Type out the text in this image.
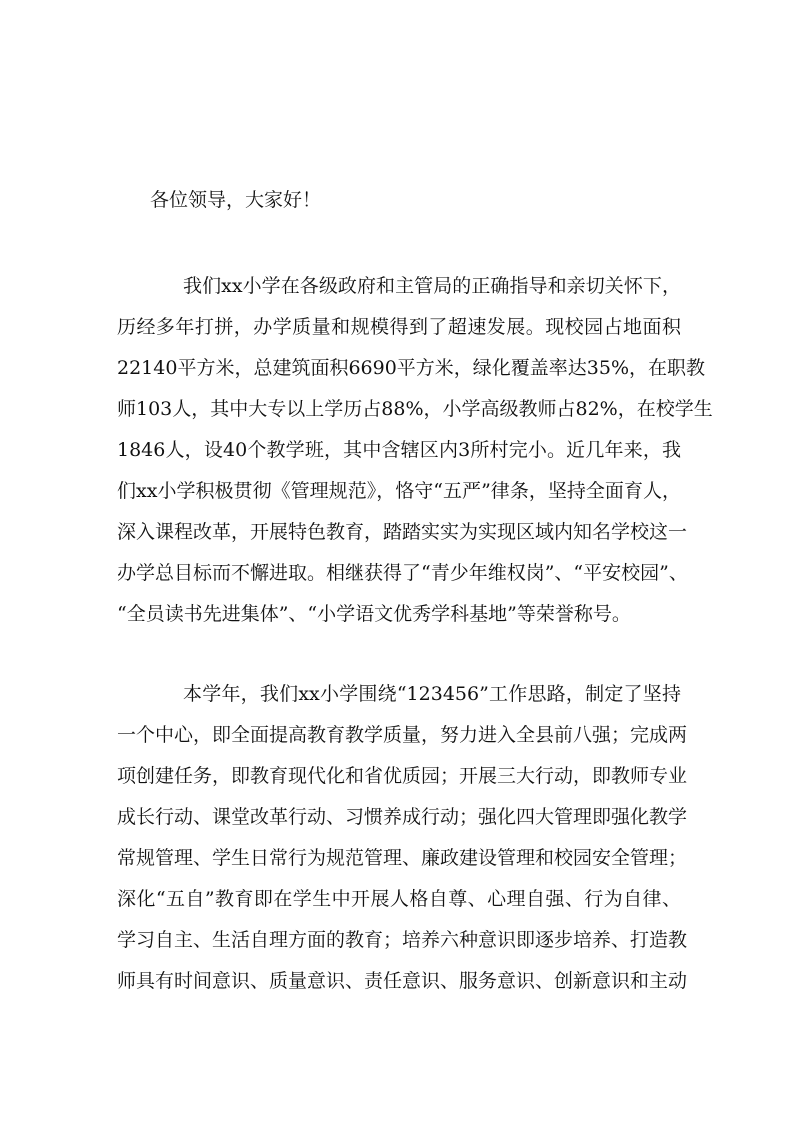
各位领导，大家好！
我们xx小学在各级政府和主管局的正确指导和亲切关怀下，
历经多年打拼，办学质量和规模得到了超速发展。现校园占地面积
22140平方米，总建筑面积6690平方米，绿化覆盖率达35%，在职教
师103人，其中大专以上学历占88%，小学高级教师占82%，在校学生
1846人，设40个教学班，其中含辖区内3所村完小。近几年来，我
们xx小学积极贯彻《管理规范》，恪守“五严”律条，坚持全面育人，
深入课程改革，开展特色教育，踏踏实实为实现区域内知名学校这一
办学总目标而不懈进取。相继获得了“青少年维权岗”、“平安校园”、
“全员读书先进集体”、“小学语文优秀学科基地”等荣誉称号。
本学年，我们xx小学围绕“123456”工作思路，制定了坚持
一个中心，即全面提高教育教学质量，努力进入全县前八强；完成两
项创建任务，即教育现代化和省优质园；开展三大行动，即教师专业
成长行动、课堂改革行动、习惯养成行动；强化四大管理即强化教学
常规管理、学生日常行为规范管理、廉政建设管理和校园安全管理；
深化“五自”教育即在学生中开展人格自尊、心理自强、行为自律、
学习自主、生活自理方面的教育；培养六种意识即逐步培养、打造教
师具有时间意识、质量意识、责任意识、服务意识、创新意识和主动
